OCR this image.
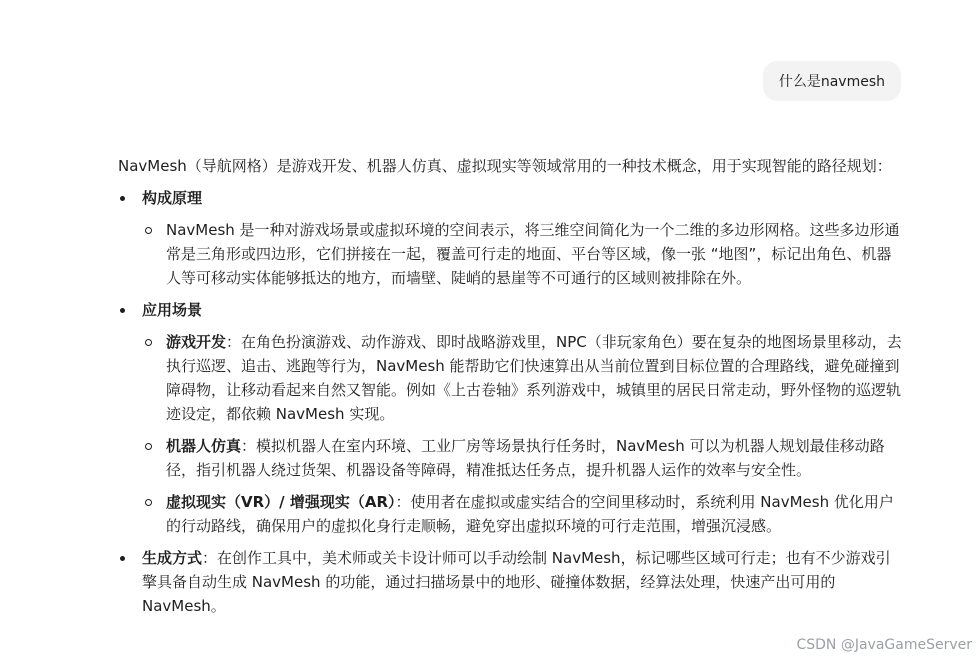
什么是navmesh

NavMesh（导航网格）是游戏开发、机器人仿真、虚拟现实等领域常用的一种技术概念，用于实现智能的路径规划：

构成原理
NavMesh 是一种对游戏场景或虚拟环境的空间表示，将三维空间简化为一个二维的多边形网格。这些多边形通常是三角形或四边形，它们拼接在一起，覆盖可行走的地面、平台等区域，像一张 “地图”，标记出角色、机器人等可移动实体能够抵达的地方，而墙壁、陡峭的悬崖等不可通行的区域则被排除在外。
应用场景
游戏开发：在角色扮演游戏、动作游戏、即时战略游戏里，NPC（非玩家角色）要在复杂的地图场景里移动，去执行巡逻、追击、逃跑等行为，NavMesh 能帮助它们快速算出从当前位置到目标位置的合理路线，避免碰撞到障碍物，让移动看起来自然又智能。例如《上古卷轴》系列游戏中，城镇里的居民日常走动，野外怪物的巡逻轨迹设定，都依赖 NavMesh 实现。
机器人仿真：模拟机器人在室内环境、工业厂房等场景执行任务时，NavMesh 可以为机器人规划最佳移动路径，指引机器人绕过货架、机器设备等障碍，精准抵达任务点，提升机器人运作的效率与安全性。
虚拟现实（VR）/ 增强现实（AR）：使用者在虚拟或虚实结合的空间里移动时，系统利用 NavMesh 优化用户的行动路线，确保用户的虚拟化身行走顺畅，避免穿出虚拟环境的可行走范围，增强沉浸感。
生成方式：在创作工具中，美术师或关卡设计师可以手动绘制 NavMesh，标记哪些区域可行走；也有不少游戏引擎具备自动生成 NavMesh 的功能，通过扫描场景中的地形、碰撞体数据，经算法处理，快速产出可用的 NavMesh。
CSDN @JavaGameServer
